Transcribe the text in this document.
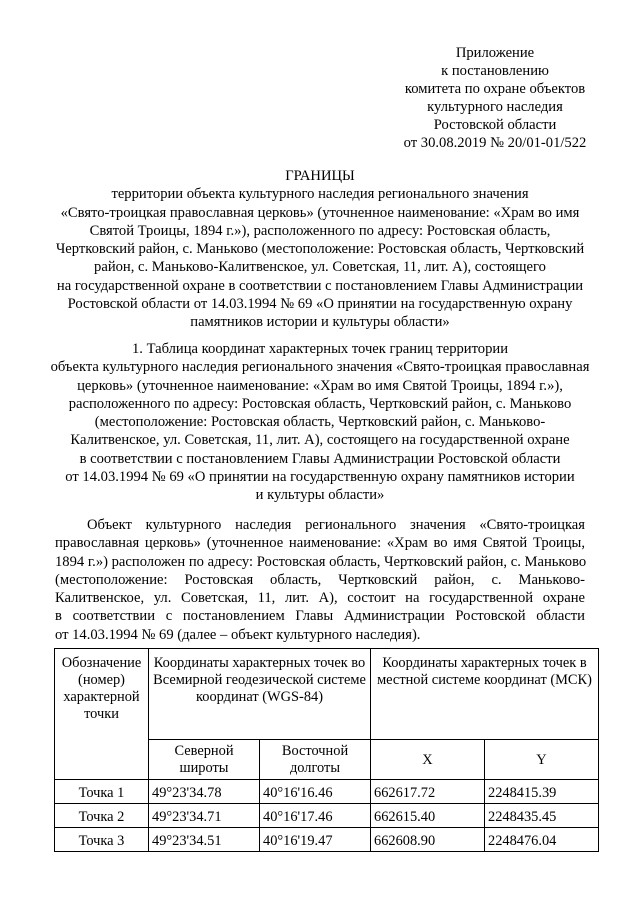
Приложение
к постановлению
комитета по охране объектов
культурного наследия
Ростовской области
от 30.08.2019 № 20/01-01/522
ГРАНИЦЫ
территории объекта культурного наследия регионального значения
«Свято-троицкая православная церковь» (уточненное наименование: «Храм во имя
Святой Троицы, 1894 г.»), расположенного по адресу: Ростовская область,
Чертковский район, с. Маньково (местоположение: Ростовская область, Чертковский
район, с. Маньково-Калитвенское, ул. Советская, 11, лит. А), состоящего
на государственной охране в соответствии с постановлением Главы Администрации
Ростовской области от 14.03.1994 № 69 «О принятии на государственную охрану
памятников истории и культуры области»
1. Таблица координат характерных точек границ территории
объекта культурного наследия регионального значения «Свято-троицкая православная
церковь» (уточненное наименование: «Храм во имя Святой Троицы, 1894 г.»),
расположенного по адресу: Ростовская область, Чертковский район, с. Маньково
(местоположение: Ростовская область, Чертковский район, с. Маньково-
Калитвенское, ул. Советская, 11, лит. А), состоящего на государственной охране
в соответствии с постановлением Главы Администрации Ростовской области
от 14.03.1994 № 69 «О принятии на государственную охрану памятников истории
и культуры области»
Объект культурного наследия регионального значения «Свято-троицкая
православная церковь» (уточненное наименование: «Храм во имя Святой Троицы,
1894 г.») расположен по адресу: Ростовская область, Чертковский район, с. Маньково
(местоположение: Ростовская область, Чертковский район, с. Маньково-
Калитвенское, ул. Советская, 11, лит. А), состоит на государственной охране
в соответствии с постановлением Главы Администрации Ростовской области
от 14.03.1994 № 69 (далее – объект культурного наследия).
Обозначение (номер) характерной точки	Координаты характерных точек во Всемирной геодезической системе координат (WGS-84)		Координаты характерных точек в местной системе координат (МСК)	
	Северной широты	Восточной долготы	X	Y
Точка 1	49°23'34.78	40°16'16.46	662617.72	2248415.39
Точка 2	49°23'34.71	40°16'17.46	662615.40	2248435.45
Точка 3	49°23'34.51	40°16'19.47	662608.90	2248476.04
